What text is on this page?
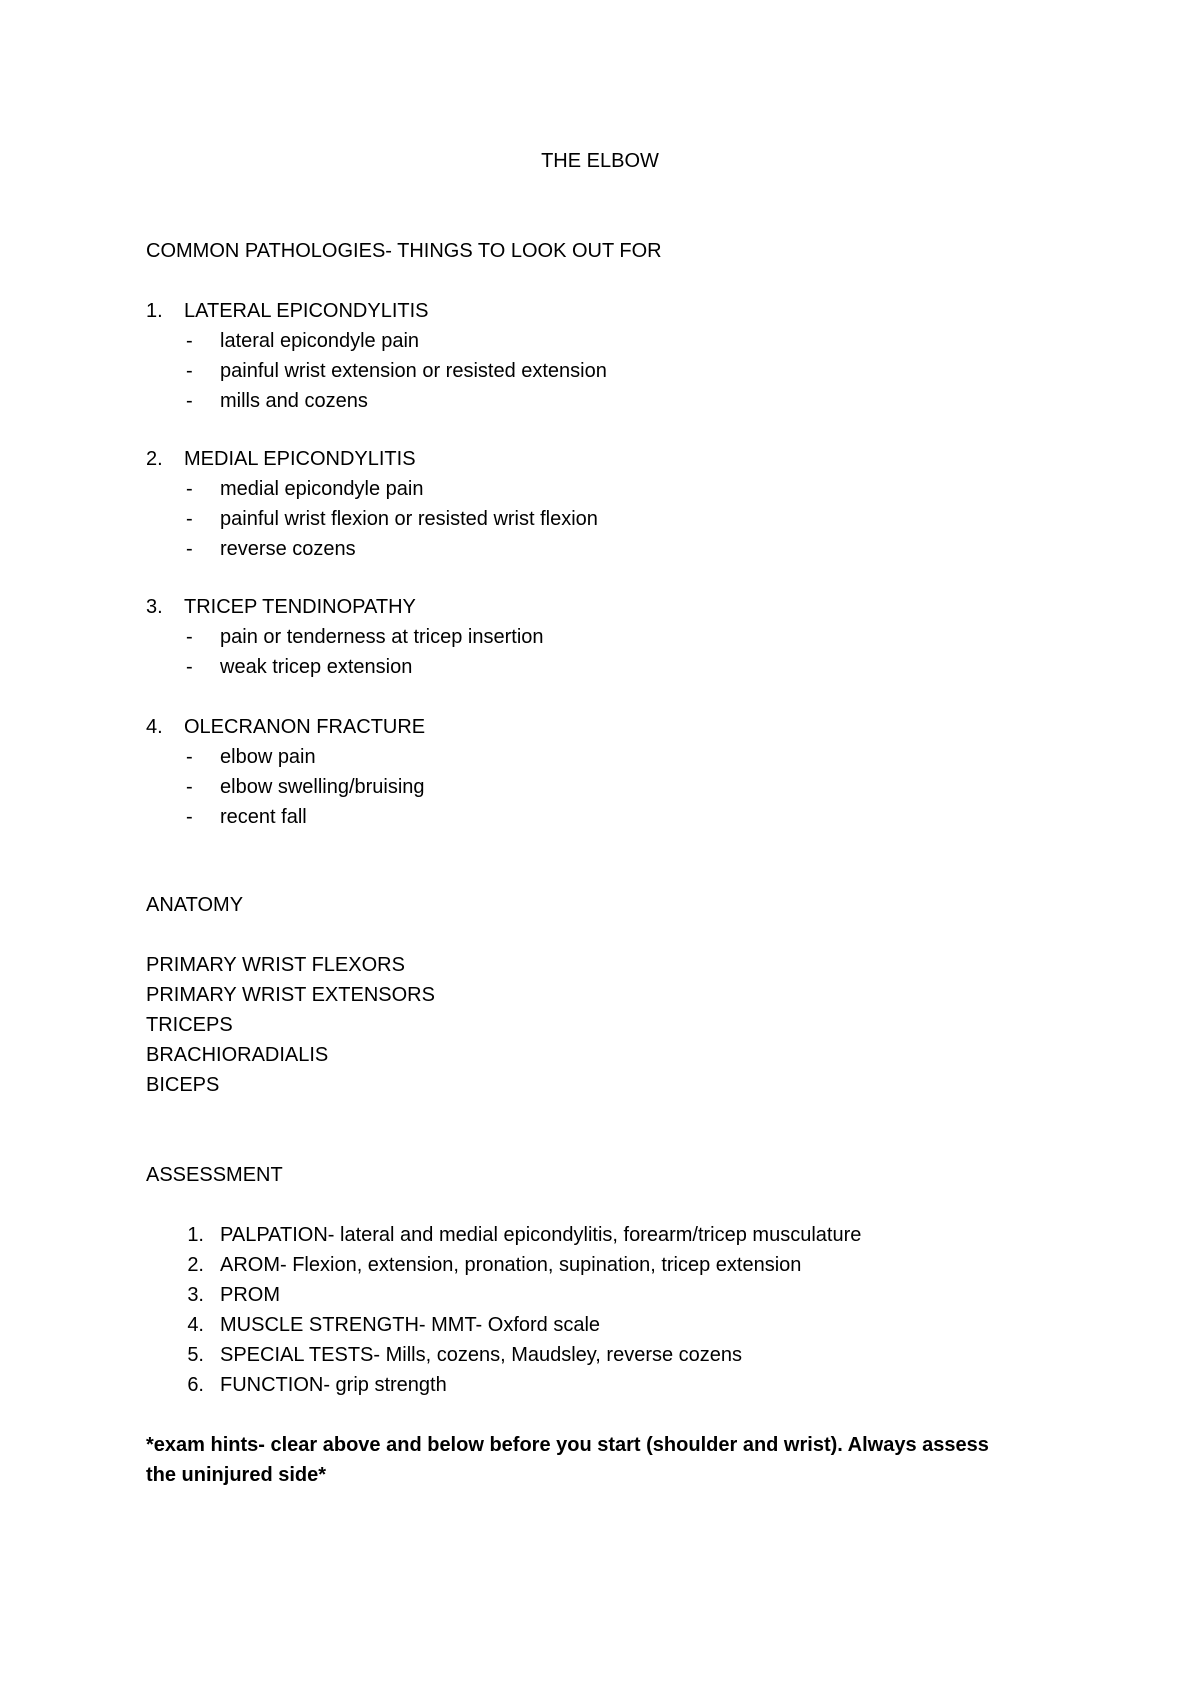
THE ELBOW
COMMON PATHOLOGIES- THINGS TO LOOK OUT FOR
1. LATERAL EPICONDYLITIS
- lateral epicondyle pain
- painful wrist extension or resisted extension
- mills and cozens
2. MEDIAL EPICONDYLITIS
- medial epicondyle pain
- painful wrist flexion or resisted wrist flexion
- reverse cozens
3. TRICEP TENDINOPATHY
- pain or tenderness at tricep insertion
- weak tricep extension
4. OLECRANON FRACTURE
- elbow pain
- elbow swelling/bruising
- recent fall
ANATOMY
PRIMARY WRIST FLEXORS
PRIMARY WRIST EXTENSORS
TRICEPS
BRACHIORADIALIS
BICEPS
ASSESSMENT
1. PALPATION- lateral and medial epicondylitis, forearm/tricep musculature
2. AROM- Flexion, extension, pronation, supination, tricep extension
3. PROM
4. MUSCLE STRENGTH- MMT- Oxford scale
5. SPECIAL TESTS- Mills, cozens, Maudsley, reverse cozens
6. FUNCTION- grip strength
*exam hints- clear above and below before you start (shoulder and wrist). Always assess
the uninjured side*
